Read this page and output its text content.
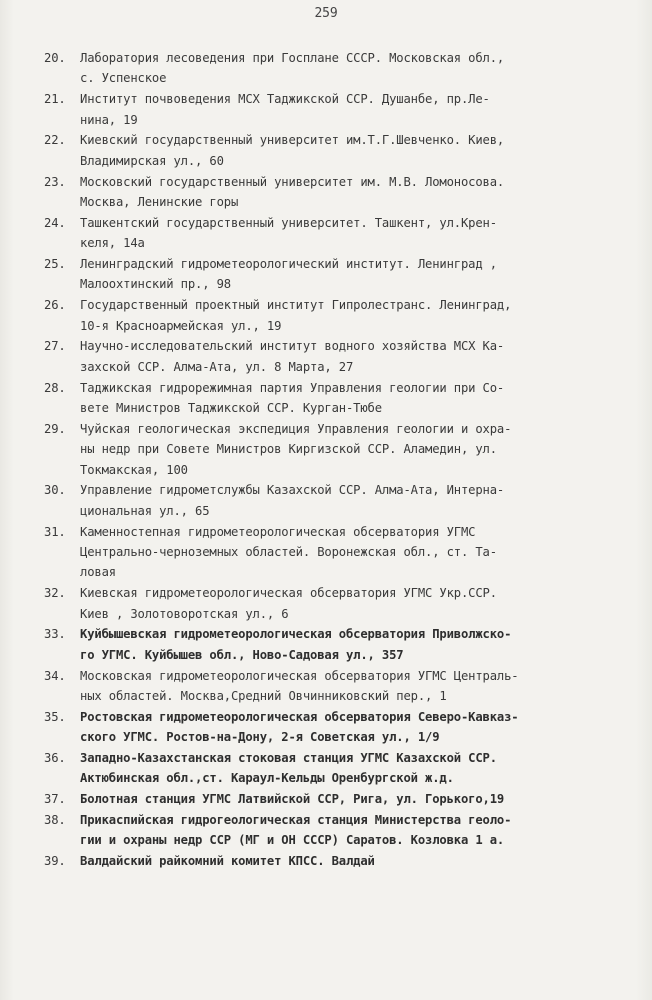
259
20.	Лаборатория лесоведения при Госплане СССР. Московская обл.,
с. Успенское
21.	Институт почвоведения МСХ Таджикской ССР. Душанбе, пр.Ле-
нина, 19
22.	Киевский государственный университет им.Т.Г.Шевченко. Киев,
Владимирская ул., 60
23.	Московский государственный университет им. М.В. Ломоносова.
Москва, Ленинские горы
24.	Ташкентский государственный университет. Ташкент, ул.Крен-
келя, 14а
25.	Ленинградский гидрометеорологический институт. Ленинград ,
Малоохтинский пр., 98
26.	Государственный проектный институт Гипролестранс. Ленинград,
10-я Красноармейская ул., 19
27.	Научно-исследовательский институт водного хозяйства МСХ Ка-
захской ССР. Алма-Ата, ул. 8 Марта, 27
28.	Таджикская гидрорежимная партия Управления геологии при Со-
вете Министров Таджикской ССР. Курган-Тюбе
29.	Чуйская геологическая экспедиция Управления геологии и охра-
ны недр при Совете Министров Киргизской ССР. Аламедин, ул.
Токмакская, 100
30.	Управление гидрометслужбы Казахской ССР. Алма-Ата, Интерна-
циональная ул., 65
31.	Каменностепная гидрометеорологическая обсерватория УГМС
Центрально-черноземных областей. Воронежская обл., ст. Та-
ловая
32.	Киевская гидрометеорологическая обсерватория УГМС Укр.ССР.
Киев , Золотоворотская ул., 6
33.	Куйбышевская гидрометеорологическая обсерватория Приволжско-
го УГМС. Куйбышев обл., Ново-Садовая ул., 357
34.	Московская гидрометеорологическая обсерватория УГМС Централь-
ных областей. Москва,Средний Овчинниковский пер., 1
35.	Ростовская гидрометеорологическая обсерватория Северо-Кавказ-
ского УГМС. Ростов-на-Дону, 2-я Советская ул., 1/9
36.	Западно-Казахстанская стоковая станция УГМС Казахской ССР.
Актюбинская обл.,ст. Караул-Кельды Оренбургской ж.д.
37.	Болотная станция УГМС Латвийской ССР, Рига, ул. Горького,19
38.	Прикаспийская гидрогеологическая станция Министерства геоло-
гии и охраны недр ССР (МГ и ОН СССР) Саратов. Козловка 1 а.
39.	Валдайский райкомний комитет КПСС. Валдай
